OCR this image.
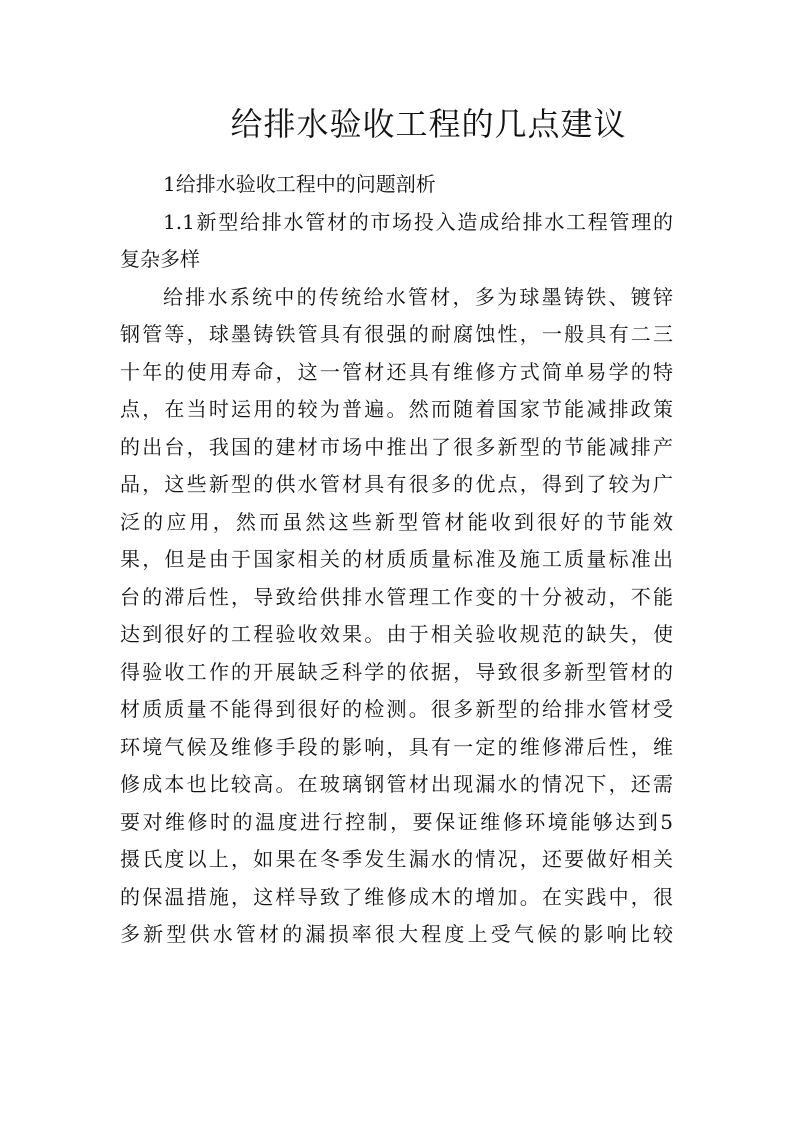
给排水验收工程的几点建议
1给排水验收工程中的问题剖析
1.1新型给排水管材的市场投入造成给排水工程管理的
复杂多样
给排水系统中的传统给水管材，多为球墨铸铁、镀锌
钢管等，球墨铸铁管具有很强的耐腐蚀性，一般具有二三
十年的使用寿命，这一管材还具有维修方式简单易学的特
点，在当时运用的较为普遍。然而随着国家节能减排政策
的出台，我国的建材市场中推出了很多新型的节能减排产
品，这些新型的供水管材具有很多的优点，得到了较为广
泛的应用，然而虽然这些新型管材能收到很好的节能效
果，但是由于国家相关的材质质量标准及施工质量标准出
台的滞后性，导致给供排水管理工作变的十分被动，不能
达到很好的工程验收效果。由于相关验收规范的缺失，使
得验收工作的开展缺乏科学的依据，导致很多新型管材的
材质质量不能得到很好的检测。很多新型的给排水管材受
环境气候及维修手段的影响，具有一定的维修滞后性，维
修成本也比较高。在玻璃钢管材出现漏水的情况下，还需
要对维修时的温度进行控制，要保证维修环境能够达到5
摄氏度以上，如果在冬季发生漏水的情况，还要做好相关
的保温措施，这样导致了维修成木的增加。在实践中，很
多新型供水管材的漏损率很大程度上受气候的影响比较
